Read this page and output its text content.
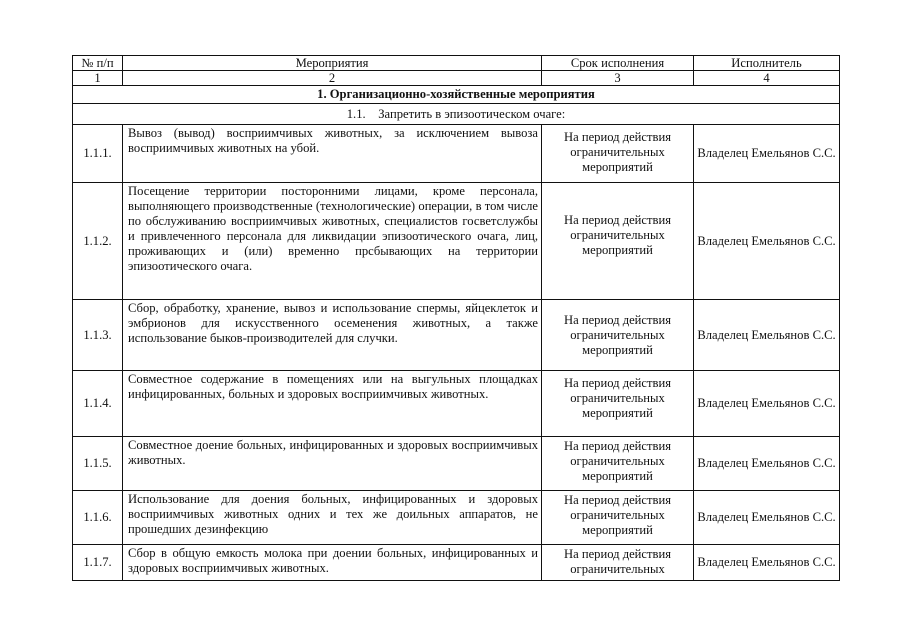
№ п/п	Мероприятия	Срок исполнения	Исполнитель
1	2	3	4
1. Организационно-хозяйственные мероприятия			
1.1.    Запретить в эпизоотическом очаге:			
1.1.1.	Вывоз (вывод) восприимчивых животных, за исключением вывоза восприимчивых животных на убой.	На период действия ограничительных мероприятий	Владелец Емельянов С.С.
1.1.2.	Посещение территории посторонними лицами, кроме персонала, выполняющего производственные (технологические) операции, в том числе по обслуживанию восприимчивых животных, специалистов госветслужбы и привлеченного персонала для ликвидации эпизоотического очага, лиц, проживающих и (или) временно прсбывающих на территории эпизоотического очага.	На период действия ограничительных мероприятий	Владелец Емельянов С.С.
1.1.3.	Сбор, обработку, хранение, вывоз и использование спермы, яйцеклеток и эмбрионов для искусственного осеменения животных, а также использование быков-производителей для случки.	На период действия ограничительных мероприятий	Владелец Емельянов С.С.
1.1.4.	Совместное содержание в помещениях или на выгульных площадках инфицированных, больных и здоровых восприимчивых животных.	На период действия ограничительных мероприятий	Владелец Емельянов С.С.
1.1.5.	Совместное доение больных, инфицированных и здоровых восприимчивых животных.	На период действия ограничительных мероприятий	Владелец Емельянов С.С.
1.1.6.	Использование для доения больных, инфицированных и здоровых восприимчивых животных одних и тех же доильных аппаратов, не прошедших дезинфекцию	На период действия ограничительных мероприятий	Владелец Емельянов С.С.
1.1.7.	Сбор в общую емкость молока при доении больных, инфицированных и здоровых восприимчивых животных.	На период действия ограничительных	Владелец Емельянов С.С.
